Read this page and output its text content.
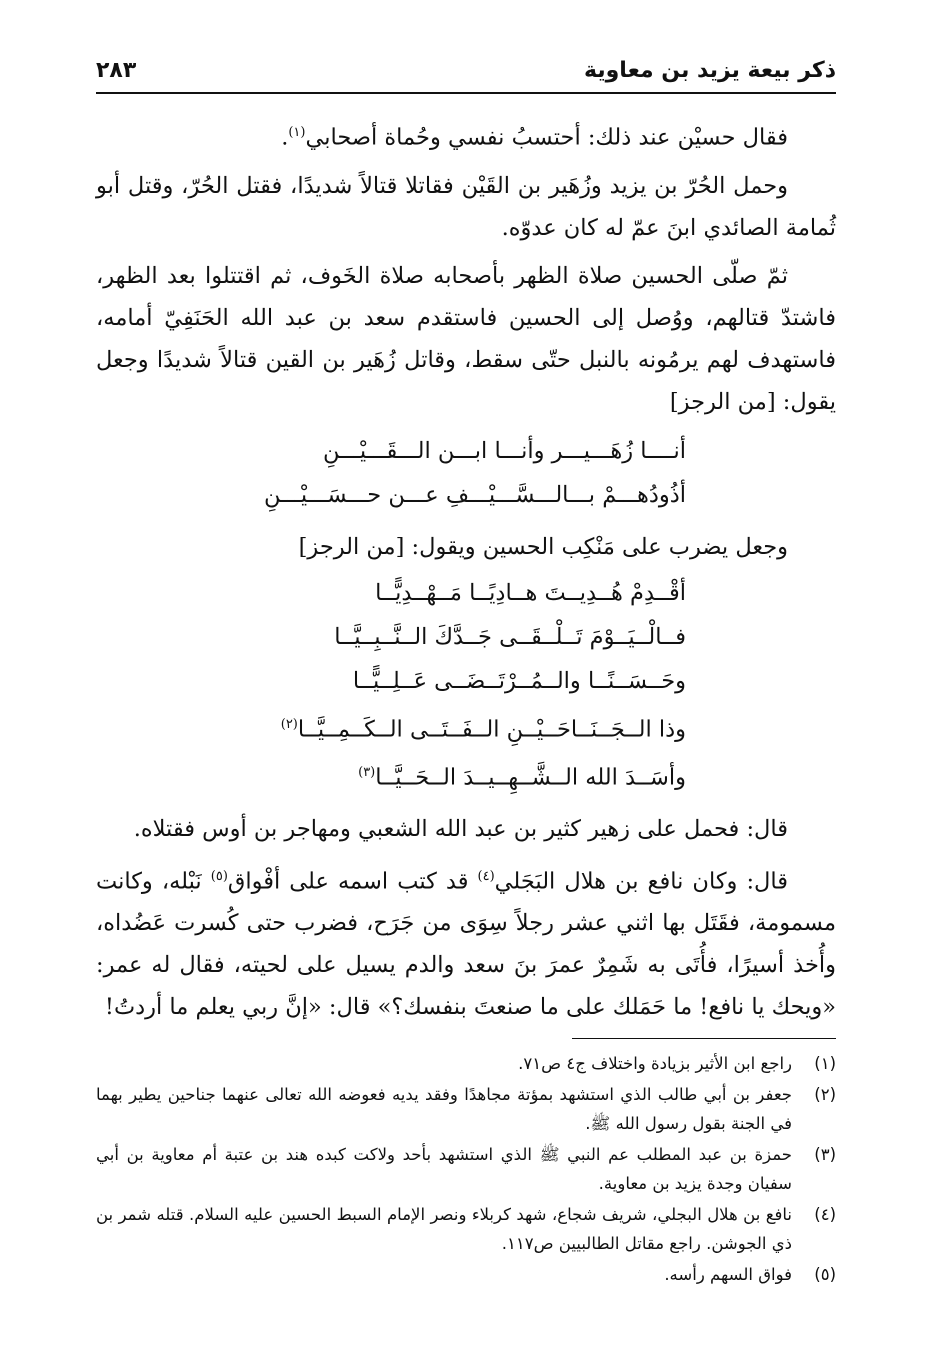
ذكر بيعة يزيد بن معاوية
٢٨٣

فقال حسيْن عند ذلك: أحتسبُ نفسي وحُماة أصحابي$^{(١)}$.

وحمل الحُرّ بن يزيد وزُهَير بن القَيْن فقاتلا قتالاً شديدًا، فقتل الحُرّ، وقتل أبو ثُمامة الصائدي ابنَ عمّ له كان عدوّه.

ثمّ صلّى الحسين صلاة الظهر بأصحابه صلاة الخَوف، ثم اقتتلوا بعد الظهر، فاشتدّ قتالهم، ووُصل إلى الحسين فاستقدم سعد بن عبد الله الحَنَفِيّ أمامه، فاستهدف لهم يرمُونه بالنبل حتّى سقط، وقاتل زُهَير بن القين قتالاً شديدًا وجعل يقول: [من الرجز]

أنــــا زُهَـــيـــر وأنـــا ابـــن الـــقَـــيْـــنِ
أذُودُهـــمْ بـــالـــسَّـــيْـــفِ عـــن حـــسَـــيْـــنِ
وجعل يضرب على مَنْكِب الحسين ويقول: [من الرجز]
أقْــدِمْ هُــدِيــتَ هــادِيًــا مَــهْــدِيًّــا
فــالْــيَــوْمَ تَــلْــقَــى جَــدَّكَ الــنَّــبِــيَّــا
وحَــسَــنًــا والــمُــرْتَــضَــى عَــلِــيًّــا
وذا الــجَــنَــاحَــيْــنِ الــفَــتَــى الــكَــمِــيَّــا$^{(٢)}$
وأسَــدَ الله الــشَّــهِــيــدَ الــحَــيَّــا$^{(٣)}$

قال: فحمل على زهير كثير بن عبد الله الشعبي ومهاجر بن أوس فقتلاه.

قال: وكان نافع بن هلال البَجَلي$^{(٤)}$ قد كتب اسمه على أفْواق$^{(٥)}$ نَبْله، وكانت مسمومة، فقَتَل بها اثني عشر رجلاً سِوَى من جَرَح، فضرب حتى كُسرت عَضُداه، وأُخذ أسيرًا، فأُتَى به شَمِرٌ عمرَ بنَ سعد والدم يسيل على لحيته، فقال له عمر: «ويحك يا نافع! ما حَمَلك على ما صنعتَ بنفسك؟» قال: «إنَّ ربي يعلم ما أردتُ!

(١)
راجع ابن الأثير بزيادة واختلاف ج٤ ص٧١.
(٢)
جعفر بن أبي طالب الذي استشهد بمؤتة مجاهدًا وفقد يديه فعوضه الله تعالى عنهما جناحين يطير بهما في الجنة بقول رسول الله ﷺ.
(٣)
حمزة بن عبد المطلب عم النبي ﷺ الذي استشهد بأحد ولاكت كبده هند بن عتبة أم معاوية بن أبي سفيان وجدة يزيد بن معاوية.
(٤)
نافع بن هلال البجلي، شريف شجاع، شهد كربلاء ونصر الإمام السبط الحسين عليه السلام. قتله شمر بن ذي الجوشن. راجع مقاتل الطالبيين ص١١٧.
(٥)
فواق السهم رأسه.
